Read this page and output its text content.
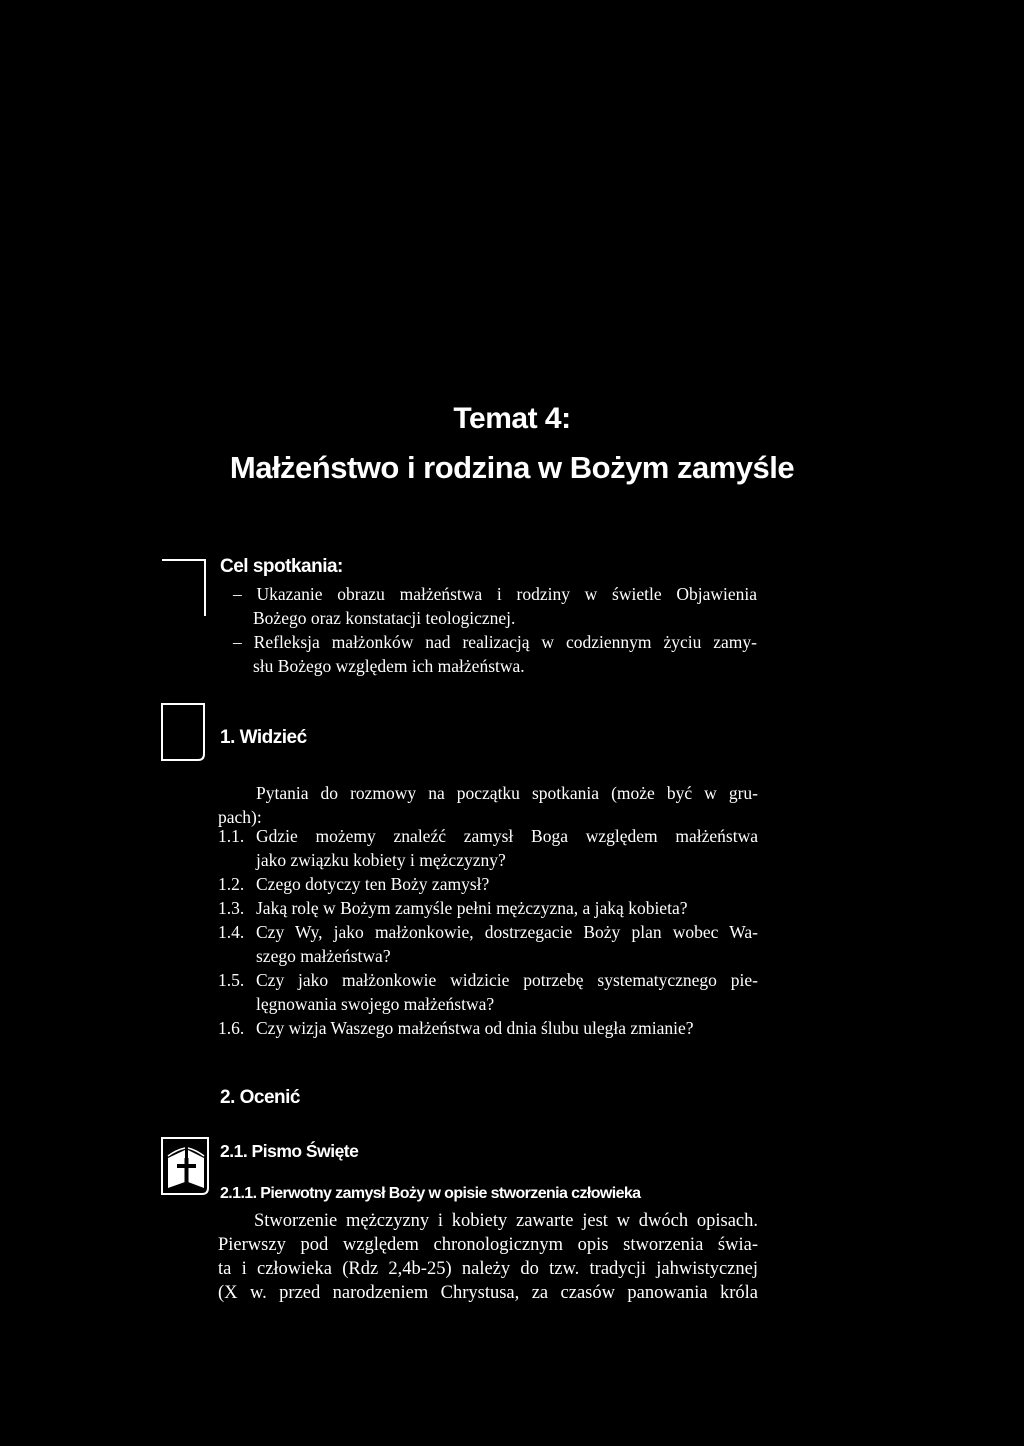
Temat 4:
Małżeństwo i rodzina w Bożym zamyśle
Cel spotkania:
– Ukazanie obrazu małżeństwa i rodziny w świetle Objawienia
Bożego oraz konstatacji teologicznej.
– Refleksja małżonków nad realizacją w codziennym życiu zamy-
słu Bożego względem ich małżeństwa.
1. Widzieć
Pytania do rozmowy na początku spotkania (może być w gru-
pach):
1.1. Gdzie możemy znaleźć zamysł Boga względem małżeństwa
jako związku kobiety i mężczyzny?
1.2. Czego dotyczy ten Boży zamysł?
1.3. Jaką rolę w Bożym zamyśle pełni mężczyzna, a jaką kobieta?
1.4. Czy Wy, jako małżonkowie, dostrzegacie Boży plan wobec Wa-
szego małżeństwa?
1.5. Czy jako małżonkowie widzicie potrzebę systematycznego pie-
lęgnowania swojego małżeństwa?
1.6. Czy wizja Waszego małżeństwa od dnia ślubu uległa zmianie?
2. Ocenić
2.1. Pismo Święte
2.1.1. Pierwotny zamysł Boży w opisie stworzenia człowieka
Stworzenie mężczyzny i kobiety zawarte jest w dwóch opisach.
Pierwszy pod względem chronologicznym opis stworzenia świa-
ta i człowieka (Rdz 2,4b-25) należy do tzw. tradycji jahwistycznej
(X w. przed narodzeniem Chrystusa, za czasów panowania króla
